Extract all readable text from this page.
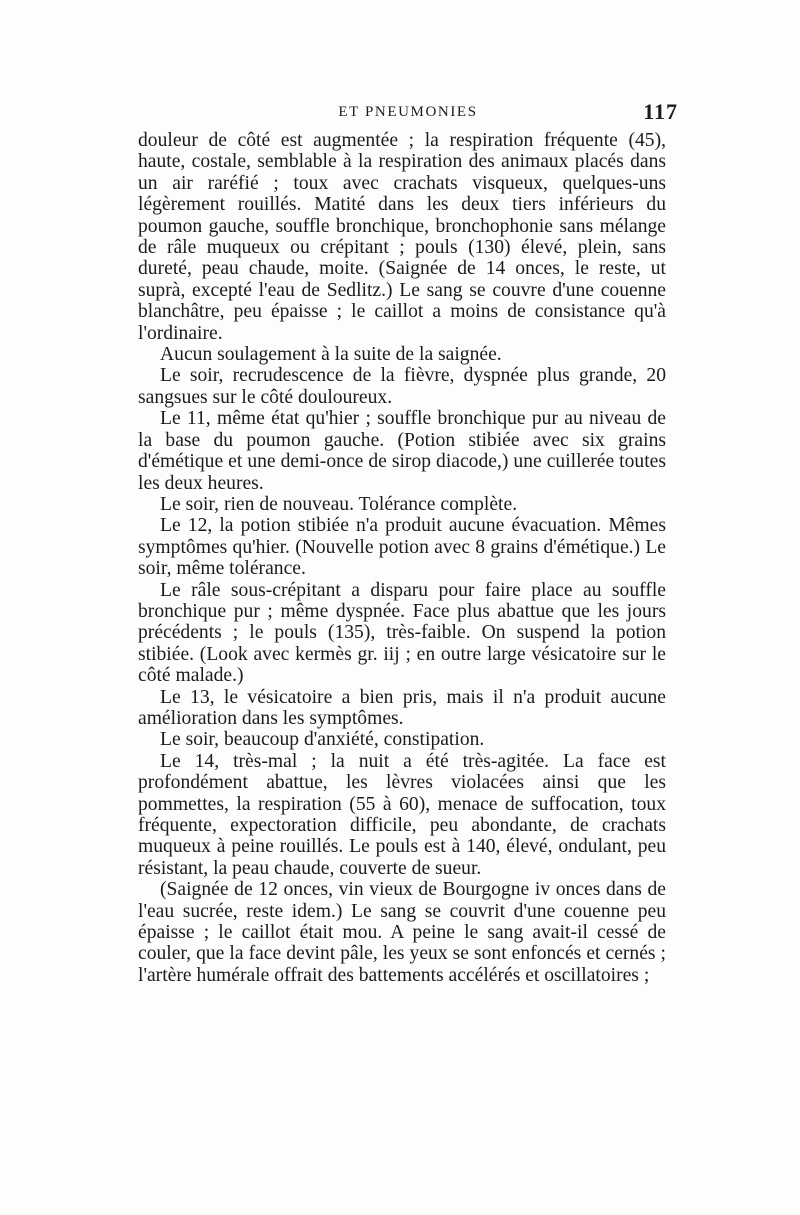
ET PNEUMONIES	117

douleur de côté est augmentée ; la respiration fréquente (45), haute, costale, semblable à la respiration des animaux placés dans un air raréfié ; toux avec crachats visqueux, quelques-uns légèrement rouillés. Matité dans les deux tiers inférieurs du poumon gauche, souffle bronchique, bronchophonie sans mélange de râle muqueux ou crépitant ; pouls (130) élevé, plein, sans dureté, peau chaude, moite. (Saignée de 14 onces, le reste, ut suprà, excepté l'eau de Sedlitz.) Le sang se couvre d'une couenne blanchâtre, peu épaisse ; le caillot a moins de consistance qu'à l'ordinaire.

Aucun soulagement à la suite de la saignée.

Le soir, recrudescence de la fièvre, dyspnée plus grande, 20 sangsues sur le côté douloureux.

Le 11, même état qu'hier ; souffle bronchique pur au niveau de la base du poumon gauche. (Potion stibiée avec six grains d'émétique et une demi-once de sirop diacode,) une cuillerée toutes les deux heures.

Le soir, rien de nouveau. Tolérance complète.

Le 12, la potion stibiée n'a produit aucune évacuation. Mêmes symptômes qu'hier. (Nouvelle potion avec 8 grains d'émétique.) Le soir, même tolérance.

Le râle sous-crépitant a disparu pour faire place au souffle bronchique pur ; même dyspnée. Face plus abattue que les jours précédents ; le pouls (135), très-faible. On suspend la potion stibiée. (Look avec kermès gr. iij ; en outre large vésicatoire sur le côté malade.)

Le 13, le vésicatoire a bien pris, mais il n'a produit aucune amélioration dans les symptômes.

Le soir, beaucoup d'anxiété, constipation.

Le 14, très-mal ; la nuit a été très-agitée. La face est profondément abattue, les lèvres violacées ainsi que les pommettes, la respiration (55 à 60), menace de suffocation, toux fréquente, expectoration difficile, peu abondante, de crachats muqueux à peine rouillés. Le pouls est à 140, élevé, ondulant, peu résistant, la peau chaude, couverte de sueur.

(Saignée de 12 onces, vin vieux de Bourgogne iv onces dans de l'eau sucrée, reste idem.) Le sang se couvrit d'une couenne peu épaisse ; le caillot était mou. A peine le sang avait-il cessé de couler, que la face devint pâle, les yeux se sont enfoncés et cernés ; l'artère humérale offrait des battements accélérés et oscillatoires ;
